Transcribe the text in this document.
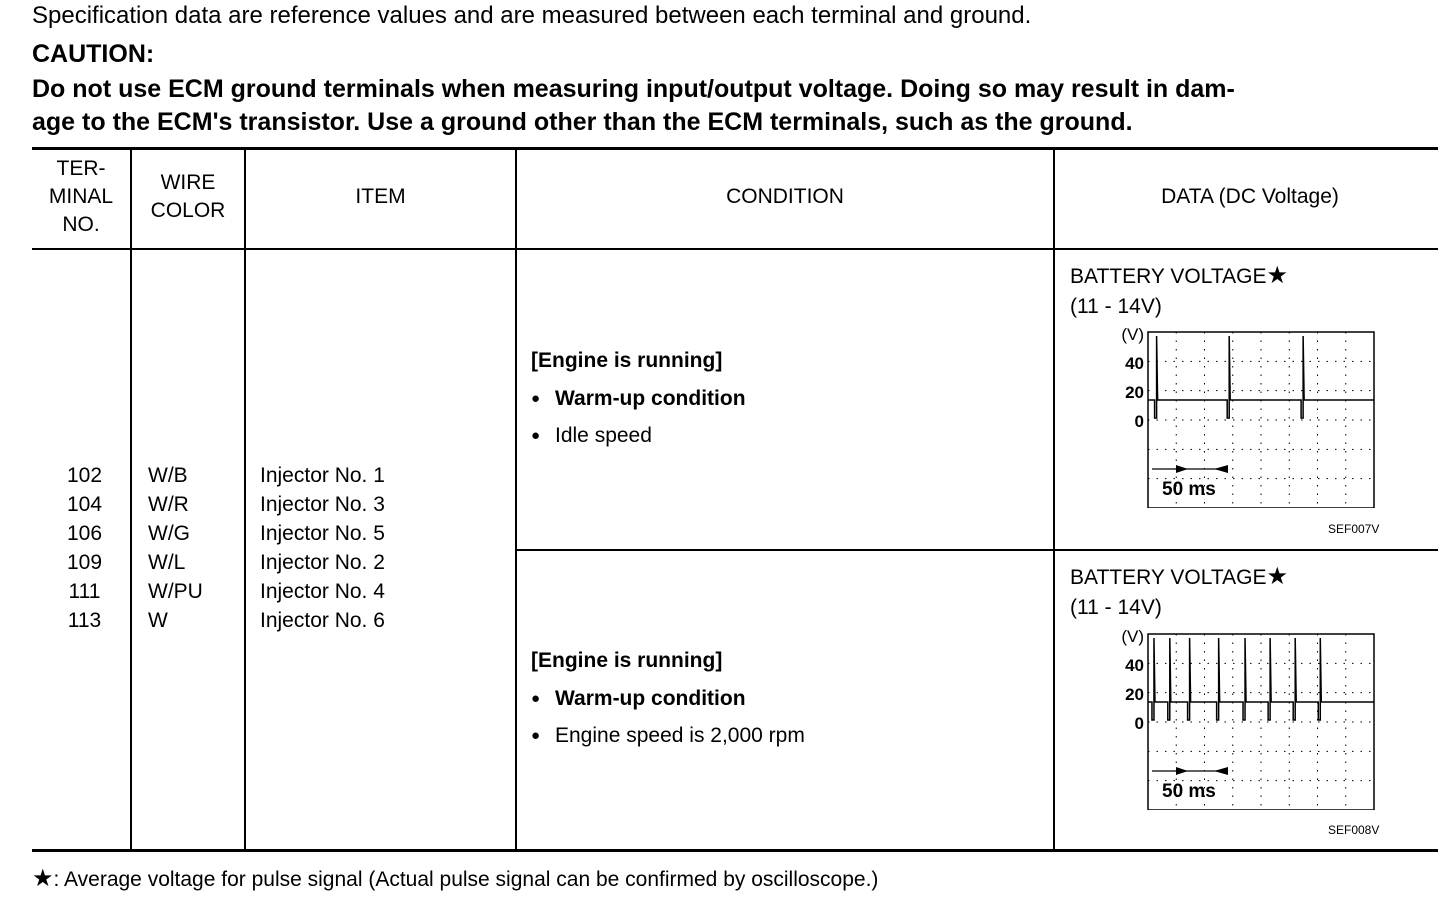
Specification data are reference values and are measured between each terminal and ground.
CAUTION:
Do not use ECM ground terminals when measuring input/output voltage. Doing so may result in dam-
age to the ECM's transistor. Use a ground other than the ECM terminals, such as the ground.
TER-
MINAL
NO.
WIRE
COLOR
ITEM	CONDITION	DATA (DC Voltage)
102
104
106
109
111
113
W/B
W/R
W/G
W/L
W/PU
W
Injector No. 1
Injector No. 3
Injector No. 5
Injector No. 2
Injector No. 4
Injector No. 6
[Engine is running]
● Warm-up condition
● Idle speed
[Engine is running]
● Warm-up condition
● Engine speed is 2,000 rpm
BATTERY VOLTAGE★
(11 - 14V)
(V)
40
20
0
50 ms
SEF007V
BATTERY VOLTAGE★
(11 - 14V)
(V)
40
20
0
50 ms
SEF008V
★: Average voltage for pulse signal (Actual pulse signal can be confirmed by oscilloscope.)
